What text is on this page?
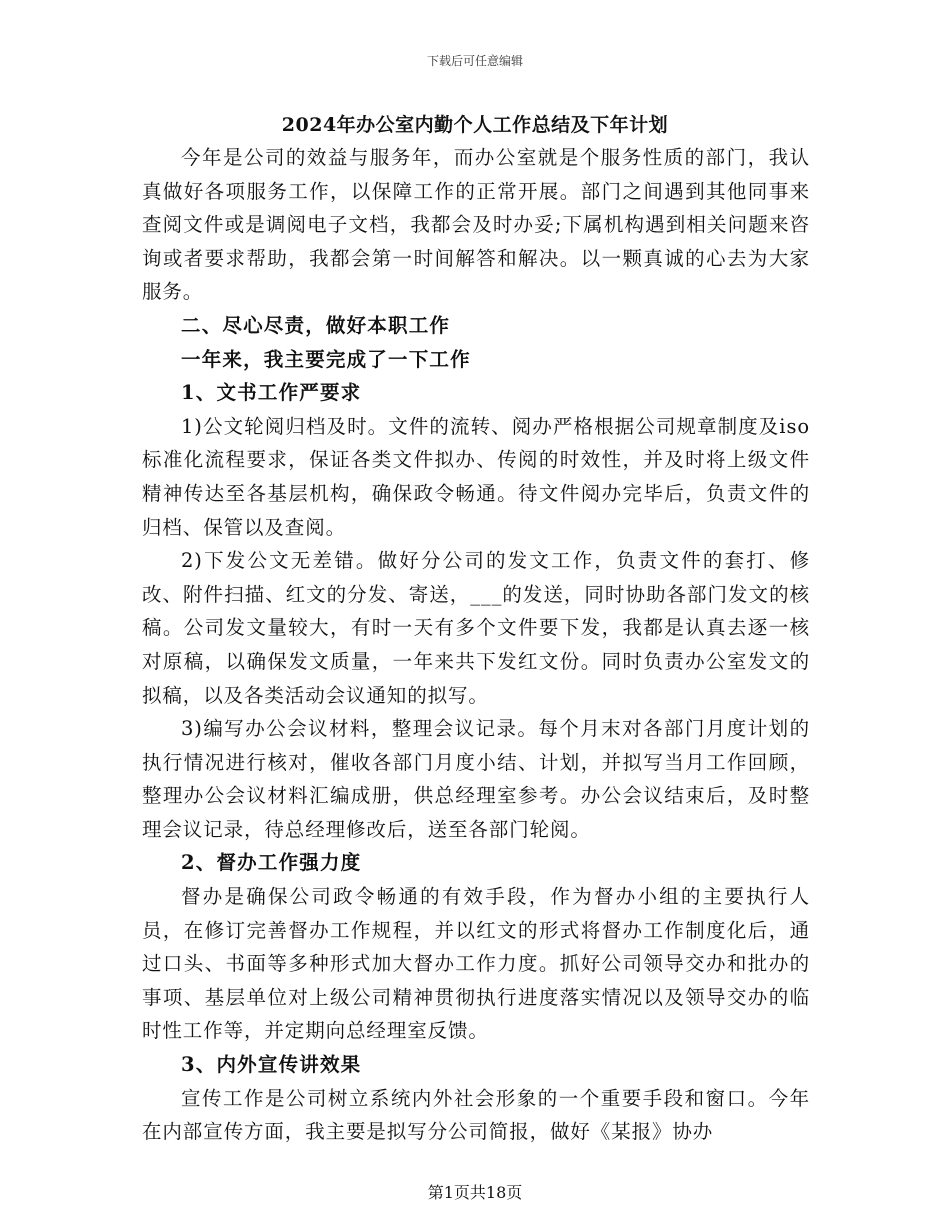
下载后可任意编辑
2024年办公室内勤个人工作总结及下年计划

今年是公司的效益与服务年，而办公室就是个服务性质的部门，我认真做好各项服务工作，以保障工作的正常开展。部门之间遇到其他同事来查阅文件或是调阅电子文档，我都会及时办妥;下属机构遇到相关问题来咨询或者要求帮助，我都会第一时间解答和解决。以一颗真诚的心去为大家服务。

二、尽心尽责，做好本职工作

一年来，我主要完成了一下工作

1、文书工作严要求

1)公文轮阅归档及时。文件的流转、阅办严格根据公司规章制度及iso标准化流程要求，保证各类文件拟办、传阅的时效性，并及时将上级文件精神传达至各基层机构，确保政令畅通。待文件阅办完毕后，负责文件的归档、保管以及查阅。

2)下发公文无差错。做好分公司的发文工作，负责文件的套打、修改、附件扫描、红文的分发、寄送，___的发送，同时协助各部门发文的核稿。公司发文量较大，有时一天有多个文件要下发，我都是认真去逐一核对原稿，以确保发文质量，一年来共下发红文份。同时负责办公室发文的拟稿，以及各类活动会议通知的拟写。

3)编写办公会议材料，整理会议记录。每个月末对各部门月度计划的执行情况进行核对，催收各部门月度小结、计划，并拟写当月工作回顾，整理办公会议材料汇编成册，供总经理室参考。办公会议结束后，及时整理会议记录，待总经理修改后，送至各部门轮阅。

2、督办工作强力度

督办是确保公司政令畅通的有效手段，作为督办小组的主要执行人员，在修订完善督办工作规程，并以红文的形式将督办工作制度化后，通过口头、书面等多种形式加大督办工作力度。抓好公司领导交办和批办的事项、基层单位对上级公司精神贯彻执行进度落实情况以及领导交办的临时性工作等，并定期向总经理室反馈。

3、内外宣传讲效果

宣传工作是公司树立系统内外社会形象的一个重要手段和窗口。今年在内部宣传方面，我主要是拟写分公司简报，做好《某报》协办

第1页共18页
